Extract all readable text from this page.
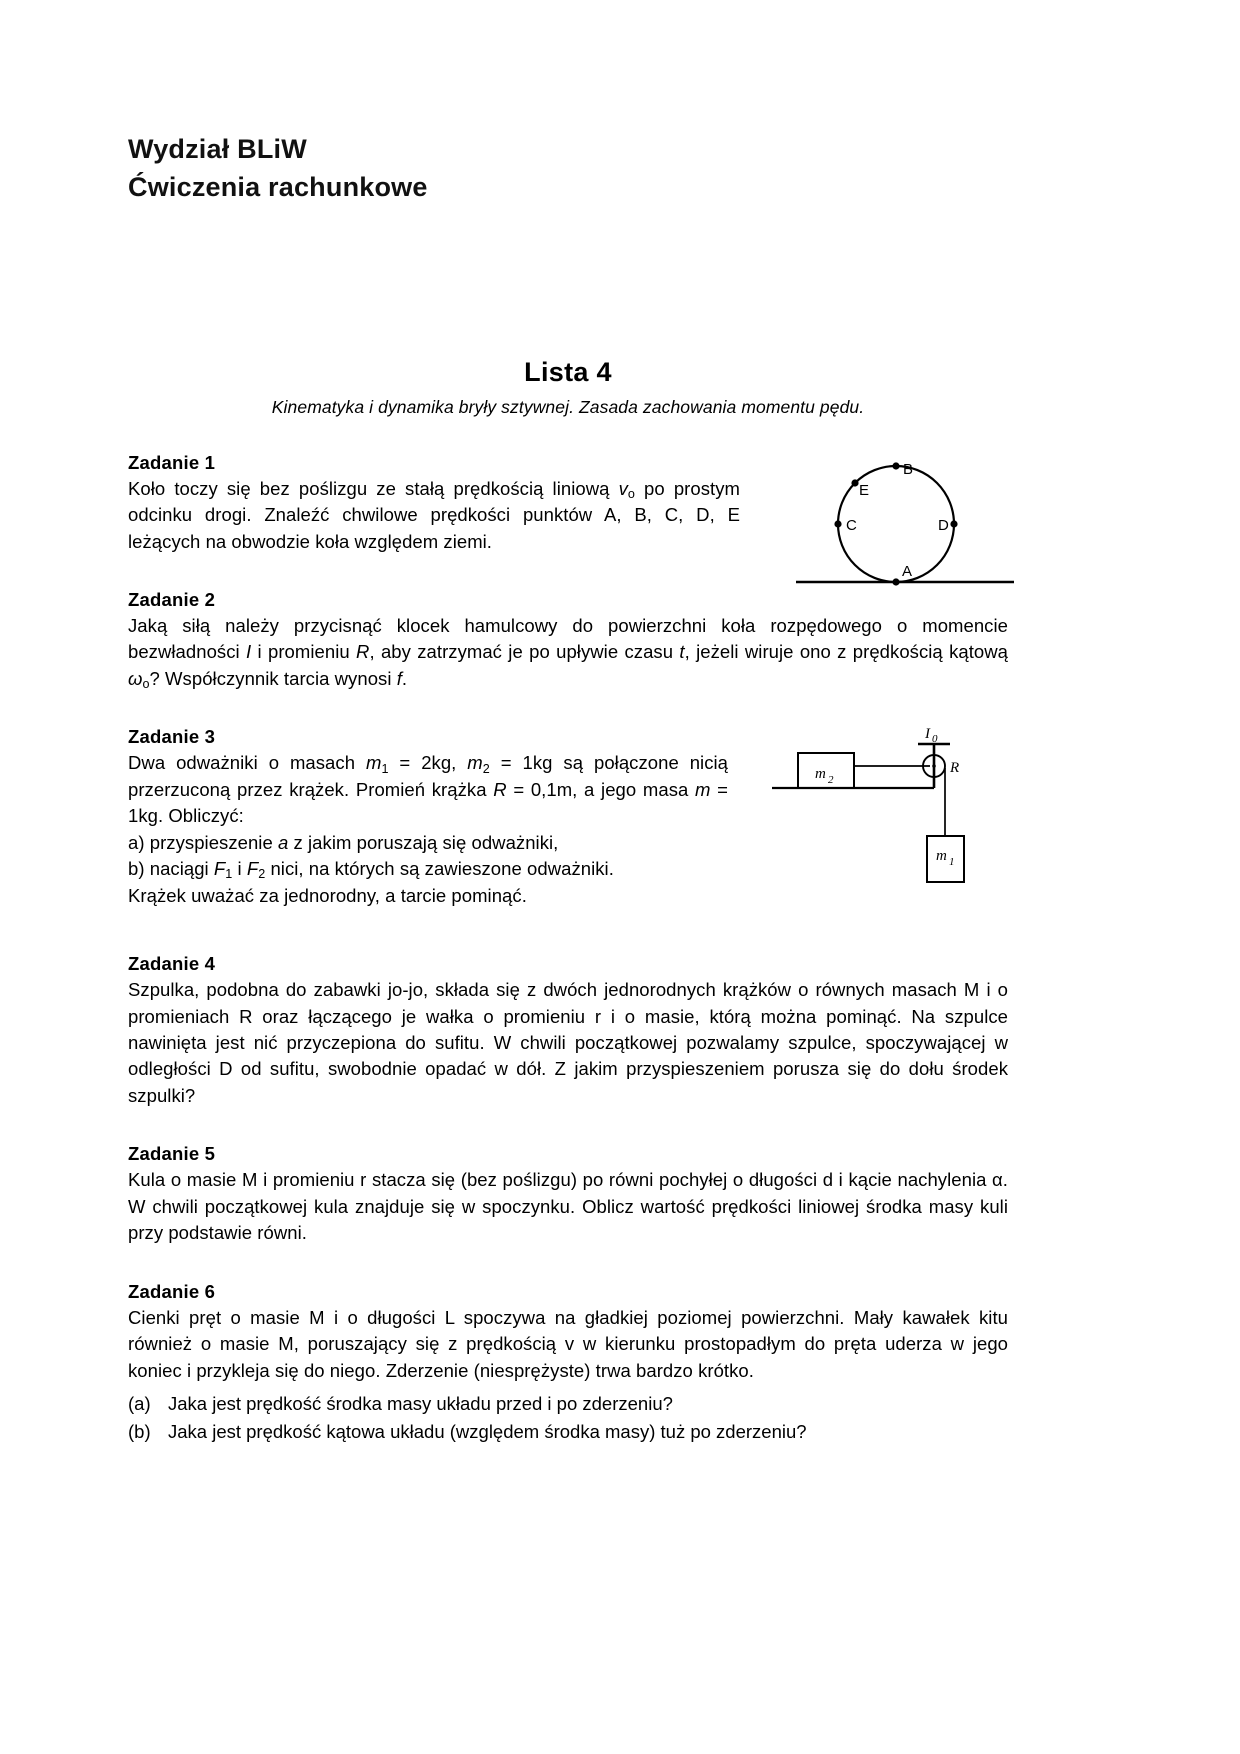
Wydział BLiW
Ćwiczenia rachunkowe
Lista 4
Kinematyka i dynamika bryły sztywnej. Zasada zachowania momentu pędu.
Zadanie 1
Koło toczy się bez poślizgu ze stałą prędkością liniową $v_o$ po prostym odcinku drogi. Znaleźć chwilowe prędkości punktów A, B, C, D, E leżących na obwodzie koła względem ziemi.
B
E
C	D
A
Zadanie 2
Jaką siłą należy przycisnąć klocek hamulcowy do powierzchni koła rozpędowego o momencie bezwładności I i promieniu R, aby zatrzymać je po upływie czasu t, jeżeli wiruje ono z prędkością kątową $\omega_o$? Współczynnik tarcia wynosi f.
Zadanie 3
Dwa odważniki o masach $m_1 = 2kg$, $m_2 = 1kg$ są połączone nicią przerzuconą przez krążek. Promień krążka R = 0,1m, a jego masa m = 1kg. Obliczyć:
a) przyspieszenie a z jakim poruszają się odważniki,
b) naciągi $F_1$ i $F_2$ nici, na których są zawieszone odważniki.
Krążek uważać za jednorodny, a tarcie pominąć.
m 2
R
I 0
m 1
Zadanie 4
Szpulka, podobna do zabawki jo-jo, składa się z dwóch jednorodnych krążków o równych masach M i o promieniach R oraz łączącego je wałka o promieniu r i o masie, którą można pominąć. Na szpulce nawinięta jest nić przyczepiona do sufitu. W chwili początkowej pozwalamy szpulce, spoczywającej w odległości D od sufitu, swobodnie opadać w dół. Z jakim przyspieszeniem porusza się do dołu środek szpulki?
Zadanie 5
Kula o masie M i promieniu r stacza się (bez poślizgu) po równi pochyłej o długości d i kącie nachylenia α. W chwili początkowej kula znajduje się w spoczynku. Oblicz wartość prędkości liniowej środka masy kuli przy podstawie równi.
Zadanie 6
Cienki pręt o masie M i o długości L spoczywa na gładkiej poziomej powierzchni. Mały kawałek kitu również o masie M, poruszający się z prędkością v w kierunku prostopadłym do pręta uderza w jego koniec i przykleja się do niego. Zderzenie (niesprężyste) trwa bardzo krótko.
(a) Jaka jest prędkość środka masy układu przed i po zderzeniu?
(b) Jaka jest prędkość kątowa układu (względem środka masy) tuż po zderzeniu?
